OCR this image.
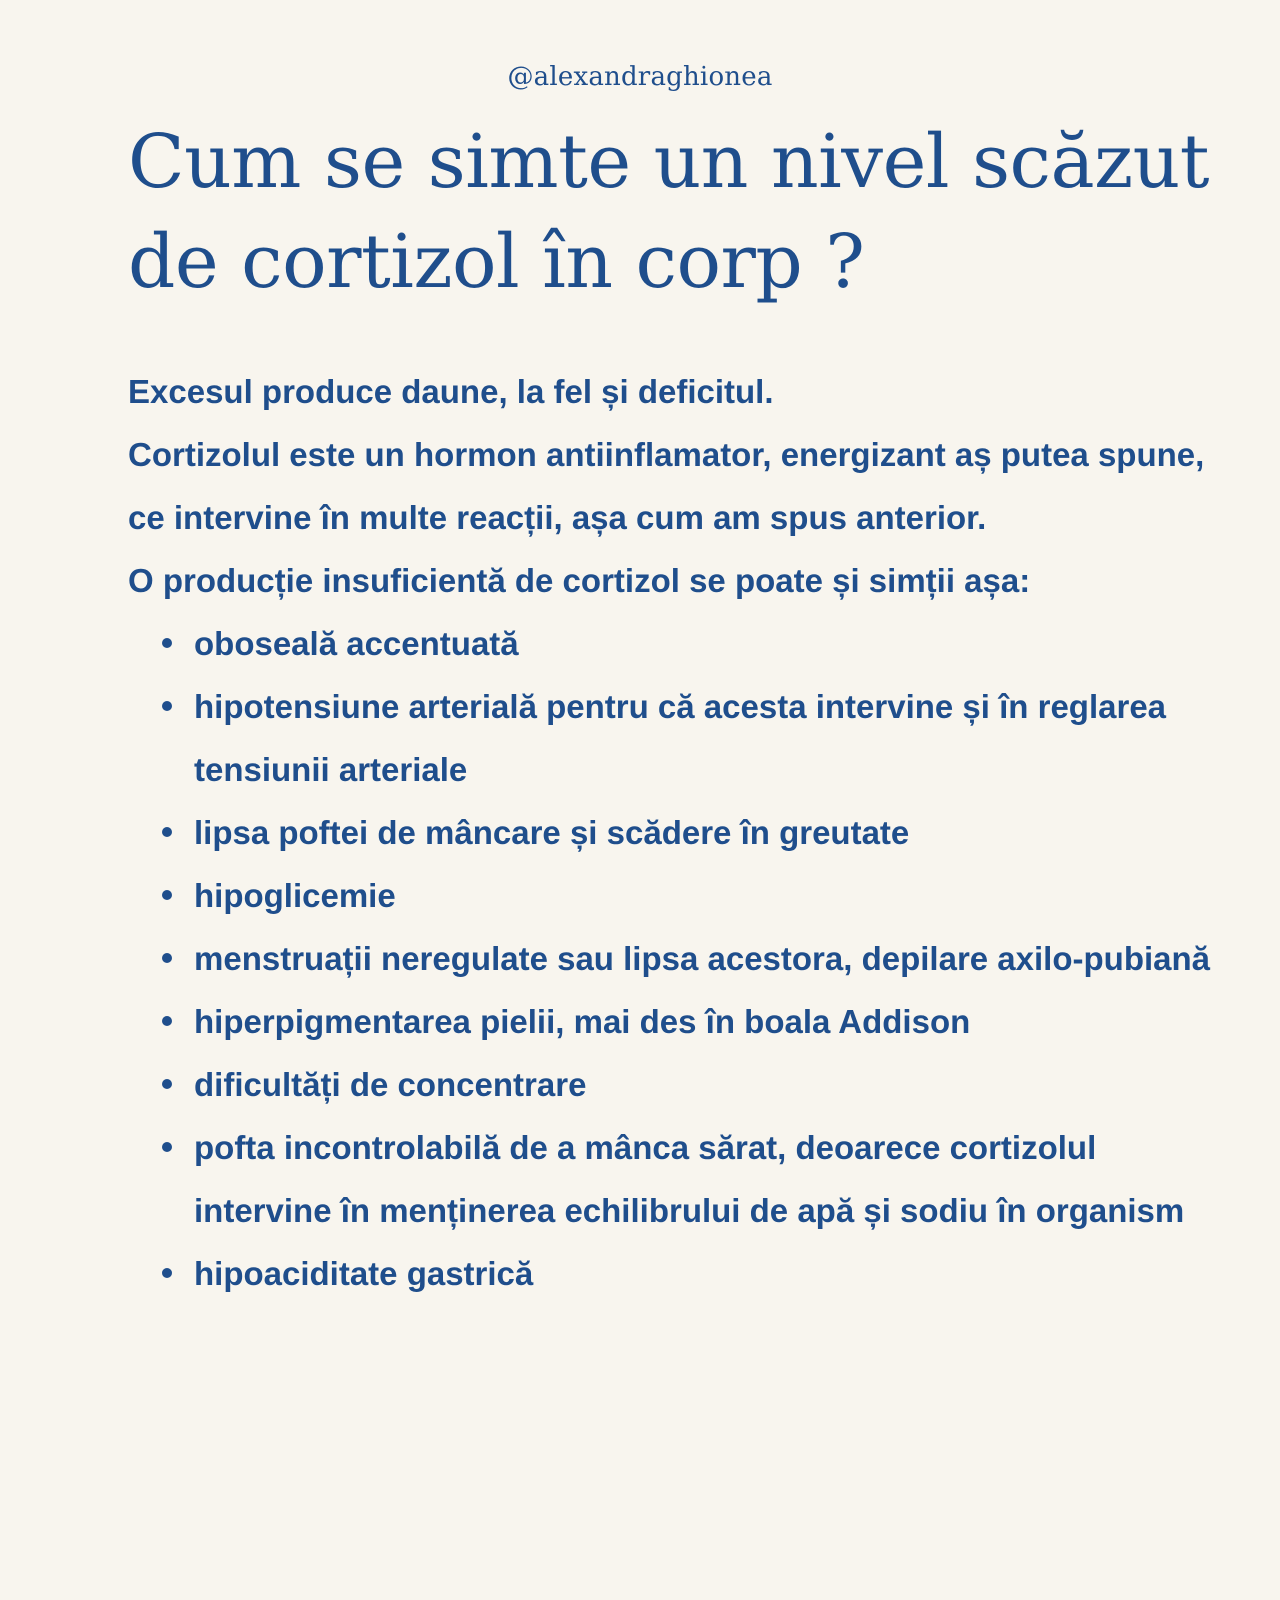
@alexandraghionea
Cum se simte un nivel scăzut
de cortizol în corp ?

Excesul produce daune, la fel și deficitul.

Cortizolul este un hormon antiinflamator, energizant aș putea spune, ce intervine în multe reacții, așa cum am spus anterior.

O producție insuficientă de cortizol se poate și simții așa:

oboseală accentuată
hipotensiune arterială pentru că acesta intervine și în reglarea tensiunii arteriale
lipsa poftei de mâncare și scădere în greutate
hipoglicemie
menstruații neregulate sau lipsa acestora, depilare axilo-pubiană
hiperpigmentarea pielii, mai des în boala Addison
dificultăți de concentrare
pofta incontrolabilă de a mânca sărat, deoarece cortizolul intervine în menținerea echilibrului de apă și sodiu în organism
hipoaciditate gastrică
